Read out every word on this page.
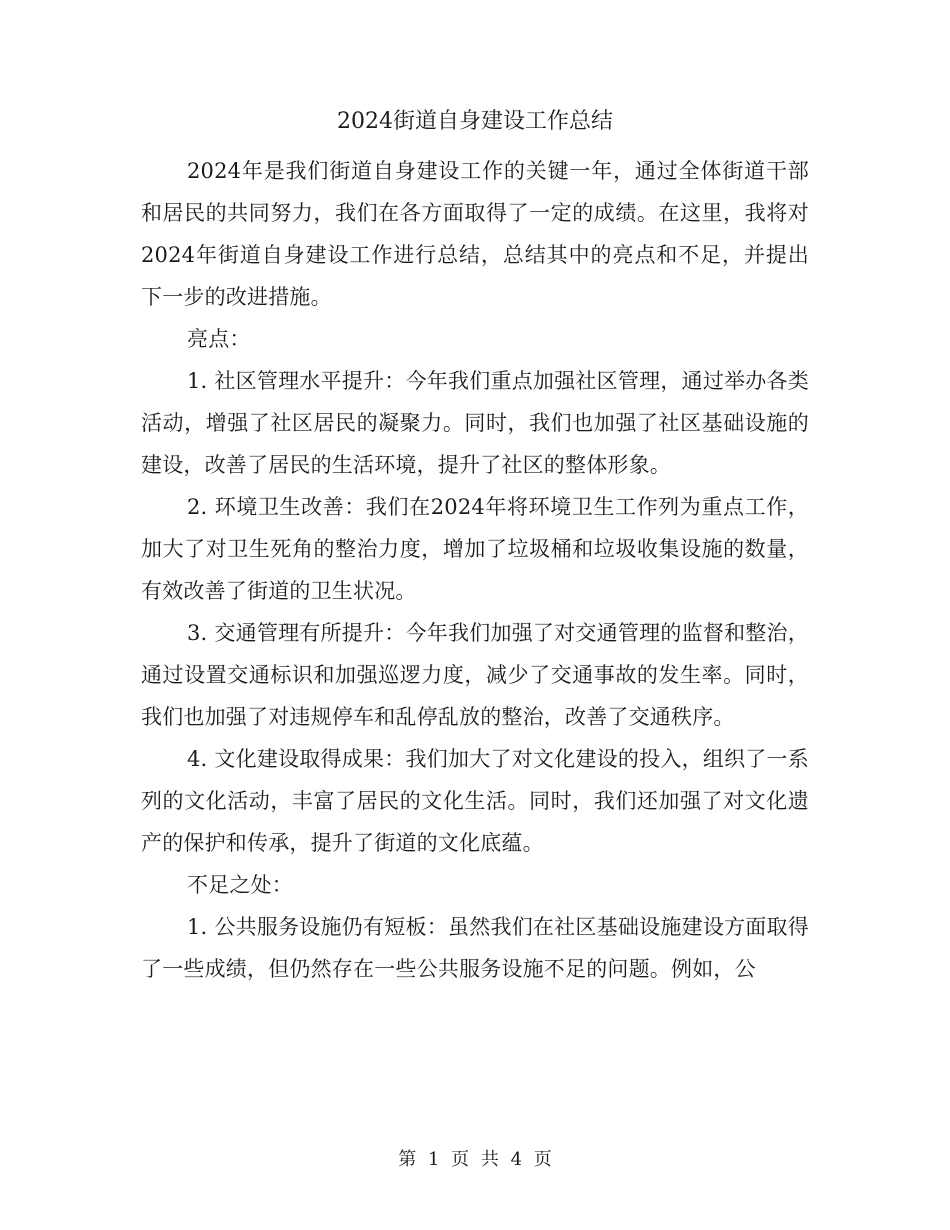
2024街道自身建设工作总结

2024年是我们街道自身建设工作的关键一年，通过全体街道干部和居民的共同努力，我们在各方面取得了一定的成绩。在这里，我将对2024年街道自身建设工作进行总结，总结其中的亮点和不足，并提出下一步的改进措施。

亮点：

1. 社区管理水平提升：今年我们重点加强社区管理，通过举办各类活动，增强了社区居民的凝聚力。同时，我们也加强了社区基础设施的建设，改善了居民的生活环境，提升了社区的整体形象。

2. 环境卫生改善：我们在2024年将环境卫生工作列为重点工作，加大了对卫生死角的整治力度，增加了垃圾桶和垃圾收集设施的数量，有效改善了街道的卫生状况。

3. 交通管理有所提升：今年我们加强了对交通管理的监督和整治，通过设置交通标识和加强巡逻力度，减少了交通事故的发生率。同时，我们也加强了对违规停车和乱停乱放的整治，改善了交通秩序。

4. 文化建设取得成果：我们加大了对文化建设的投入，组织了一系列的文化活动，丰富了居民的文化生活。同时，我们还加强了对文化遗产的保护和传承，提升了街道的文化底蕴。

不足之处：

1. 公共服务设施仍有短板：虽然我们在社区基础设施建设方面取得了一些成绩，但仍然存在一些公共服务设施不足的问题。例如，公

第 1 页 共 4 页
